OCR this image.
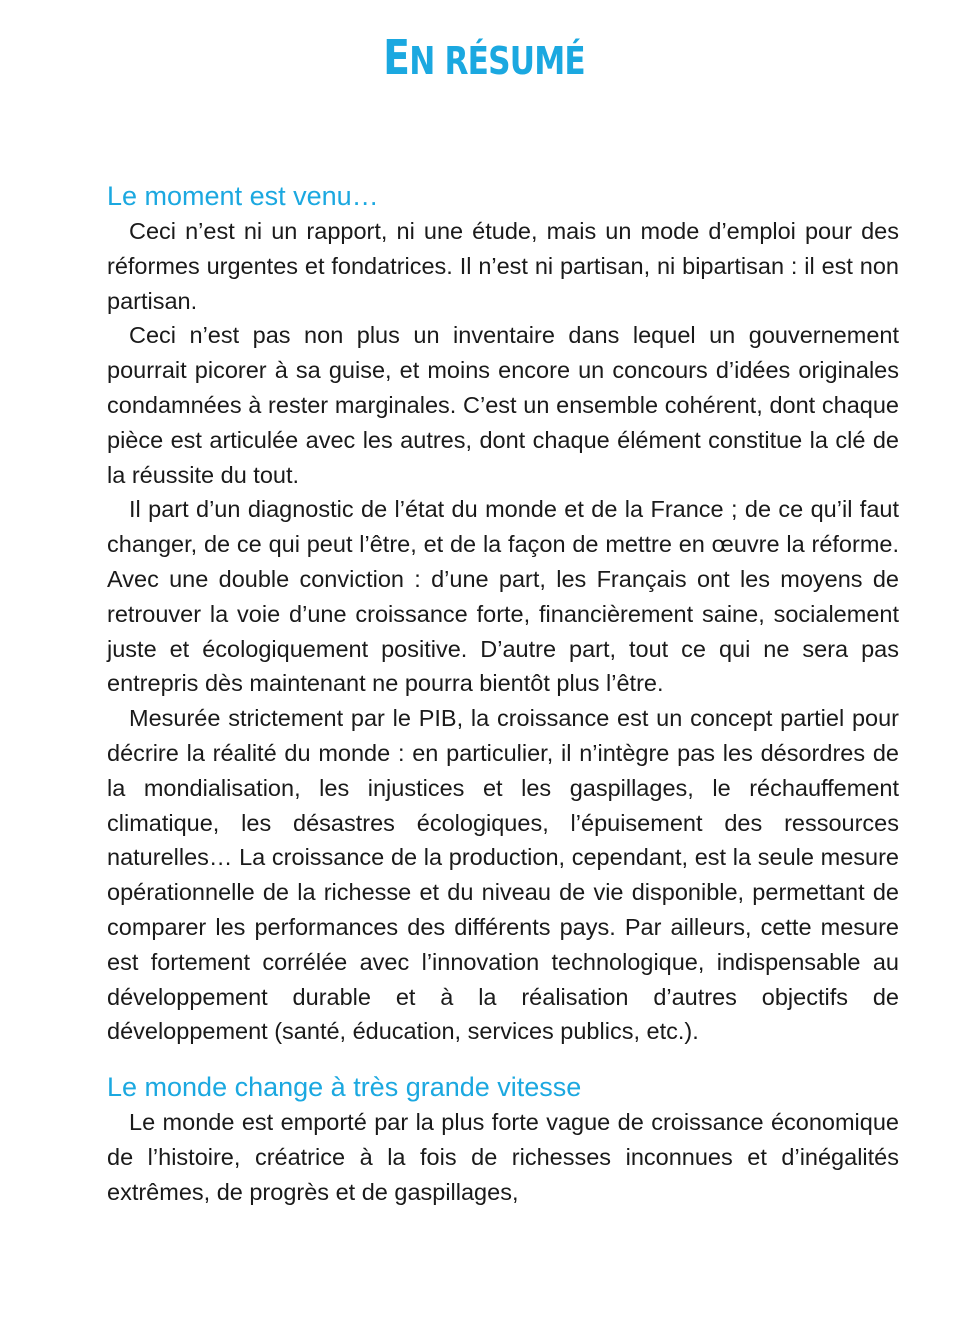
EN RÉSUMÉ
Le moment est venu…

Ceci n’est ni un rapport, ni une étude, mais un mode d’emploi pour des réformes urgentes et fondatrices. Il n’est ni partisan, ni bipartisan : il est non partisan.

Ceci n’est pas non plus un inventaire dans lequel un gouvernement pourrait picorer à sa guise, et moins encore un concours d’idées originales condamnées à rester marginales. C’est un ensemble cohérent, dont chaque pièce est articulée avec les autres, dont chaque élément constitue la clé de la réussite du tout.

Il part d’un diagnostic de l’état du monde et de la France ; de ce qu’il faut changer, de ce qui peut l’être, et de la façon de mettre en œuvre la réforme. Avec une double conviction : d’une part, les Français ont les moyens de retrouver la voie d’une croissance forte, financièrement saine, socialement juste et écologiquement positive. D’autre part, tout ce qui ne sera pas entrepris dès maintenant ne pourra bientôt plus l’être.

Mesurée strictement par le PIB, la croissance est un concept partiel pour décrire la réalité du monde : en particulier, il n’intègre pas les désordres de la mondialisation, les injustices et les gaspillages, le réchauffement climatique, les désastres écologiques, l’épuisement des ressources naturelles… La croissance de la production, cependant, est la seule mesure opérationnelle de la richesse et du niveau de vie disponible, permettant de comparer les performances des différents pays. Par ailleurs, cette mesure est fortement corrélée avec l’innovation technologique, indispensable au développement durable et à la réalisation d’autres objectifs de développement (santé, éducation, services publics, etc.).

Le monde change à très grande vitesse

Le monde est emporté par la plus forte vague de croissance économique de l’histoire, créatrice à la fois de richesses inconnues et d’inégalités extrêmes, de progrès et de gaspillages,
